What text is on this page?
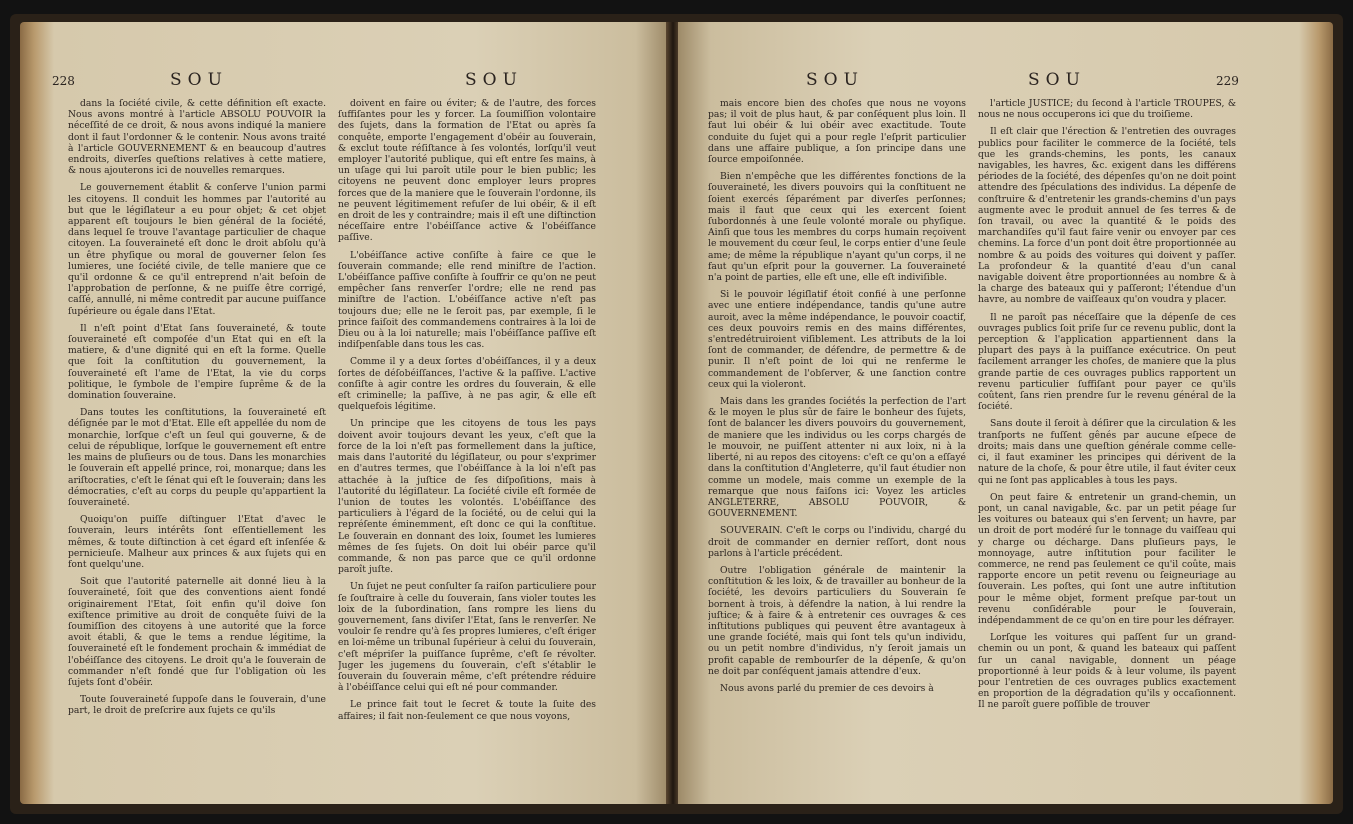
228	SOU	SOU

dans la ſociété civile, & cette définition eſt exacte. Nous avons montré à l'article ABSOLU POUVOIR la néceſſité de ce droit, & nous avons indiqué la maniere dont il faut l'ordonner & le contenir. Nous avons traité à l'article GOUVERNEMENT & en beaucoup d'autres endroits, diverſes queſtions relatives à cette matiere, & nous ajouterons ici de nouvelles remarques.

Le gouvernement établit & conſerve l'union parmi les citoyens. Il conduit les hommes par l'autorité au but que le légiſlateur a eu pour objet; & cet objet apparent eſt toujours le bien général de la ſociété, dans lequel ſe trouve l'avantage particulier de chaque citoyen. La ſouveraineté eſt donc le droit abſolu qu'à un être phyſique ou moral de gouverner ſelon ſes lumieres, une ſociété civile, de telle maniere que ce qu'il ordonne & ce qu'il entreprend n'ait beſoin de l'approbation de perſonne, & ne puiſſe être corrigé, caſſé, annullé, ni même contredit par aucune puiſſance ſupérieure ou égale dans l'Etat.

Il n'eſt point d'Etat ſans ſouveraineté, & toute ſouveraineté eſt compoſée d'un Etat qui en eſt la matiere, & d'une dignité qui en eſt la forme. Quelle que ſoit la conſtitution du gouvernement, la ſouveraineté eſt l'ame de l'Etat, la vie du corps politique, le ſymbole de l'empire ſuprême & de la domination ſouveraine.

Dans toutes les conſtitutions, la ſouveraineté eſt déſignée par le mot d'Etat. Elle eſt appellée du nom de monarchie, lorſque c'eſt un ſeul qui gouverne, & de celui de république, lorſque le gouvernement eſt entre les mains de pluſieurs ou de tous. Dans les monarchies le ſouverain eſt appellé prince, roi, monarque; dans les ariſtocraties, c'eſt le ſénat qui eſt le ſouverain; dans les démocraties, c'eſt au corps du peuple qu'appartient la ſouveraineté.

Quoiqu'on puiſſe diſtinguer l'Etat d'avec le ſouverain, leurs intérêts ſont eſſentiellement les mêmes, & toute diſtinction à cet égard eſt inſenſée & pernicieuſe. Malheur aux princes & aux ſujets qui en font quelqu'une.

Soit que l'autorité paternelle ait donné lieu à la ſouveraineté, ſoit que des conventions aient fondé originairement l'Etat, ſoit enfin qu'il doive ſon exiſtence primitive au droit de conquête ſuivi de la ſoumiſſion des citoyens à une autorité que la force avoit établi, & que le tems a rendue légitime, la ſouveraineté eſt le fondement prochain & immédiat de l'obéiſſance des citoyens. Le droit qu'a le ſouverain de commander n'eſt fondé que ſur l'obligation où les ſujets ſont d'obéir.

Toute ſouveraineté ſuppoſe dans le ſouverain, d'une part, le droit de preſcrire aux ſujets ce qu'ils

doivent en faire ou éviter; & de l'autre, des forces ſuffiſantes pour les y forcer. La ſoumiſſion volontaire des ſujets, dans la formation de l'Etat ou après ſa conquête, emporte l'engagement d'obéir au ſouverain, & exclut toute réſiſtance à ſes volontés, lorſqu'il veut employer l'autorité publique, qui eſt entre ſes mains, à un uſage qui lui paroît utile pour le bien public; les citoyens ne peuvent donc employer leurs propres forces que de la maniere que le ſouverain l'ordonne, ils ne peuvent légitimement refuſer de lui obéir, & il eſt en droit de les y contraindre; mais il eſt une diſtinction néceſſaire entre l'obéiſſance active & l'obéiſſance paſſive.

L'obéiſſance active conſiſte à faire ce que le ſouverain commande; elle rend miniſtre de l'action. L'obéiſſance paſſive conſiſte à ſouffrir ce qu'on ne peut empêcher ſans renverſer l'ordre; elle ne rend pas miniſtre de l'action. L'obéiſſance active n'eſt pas toujours due; elle ne le ſeroit pas, par exemple, ſi le prince faiſoit des commandemens contraires à la loi de Dieu ou à la loi naturelle; mais l'obéiſſance paſſive eſt indiſpenſable dans tous les cas.

Comme il y a deux ſortes d'obéiſſances, il y a deux ſortes de déſobéiſſances, l'active & la paſſive. L'active conſiſte à agir contre les ordres du ſouverain, & elle eſt criminelle; la paſſive, à ne pas agir, & elle eſt quelquefois légitime.

Un principe que les citoyens de tous les pays doivent avoir toujours devant les yeux, c'eſt que la force de la loi n'eſt pas formellement dans la juſtice, mais dans l'autorité du légiſlateur, ou pour s'exprimer en d'autres termes, que l'obéiſſance à la loi n'eſt pas attachée à la juſtice de ſes diſpoſitions, mais à l'autorité du légiſlateur. La ſociété civile eſt formée de l'union de toutes les volontés. L'obéiſſance des particuliers à l'égard de la ſociété, ou de celui qui la repréſente éminemment, eſt donc ce qui la conſtitue. Le ſouverain en donnant des loix, ſoumet les lumieres mêmes de ſes ſujets. On doit lui obéir parce qu'il commande, & non pas parce que ce qu'il ordonne paroît juſte.

Un ſujet ne peut conſulter ſa raiſon particuliere pour ſe ſouſtraire à celle du ſouverain, ſans violer toutes les loix de la ſubordination, ſans rompre les liens du gouvernement, ſans diviſer l'Etat, ſans le renverſer. Ne vouloir ſe rendre qu'à ſes propres lumieres, c'eſt ériger en loi-même un tribunal ſupérieur à celui du ſouverain, c'eſt mépriſer la puiſſance ſuprême, c'eſt ſe révolter. Juger les jugemens du ſouverain, c'eſt s'établir le ſouverain du ſouverain même, c'eſt prétendre réduire à l'obéiſſance celui qui eſt né pour commander.

Le prince fait tout le ſecret & toute la ſuite des affaires; il fait non-ſeulement ce que nous voyons,

SOU	SOU	229

mais encore bien des choſes que nous ne voyons pas; il voit de plus haut, & par conſéquent plus loin. Il faut lui obéir & lui obéir avec exactitude. Toute conduite du ſujet qui a pour regle l'eſprit particulier dans une affaire publique, a ſon principe dans une ſource empoiſonnée.

Bien n'empêche que les différentes fonctions de la ſouveraineté, les divers pouvoirs qui la conſtituent ne ſoient exercés ſéparément par diverſes perſonnes; mais il faut que ceux qui les exercent ſoient ſubordonnés à une ſeule volonté morale ou phyſique. Ainſi que tous les membres du corps humain reçoivent le mouvement du cœur ſeul, le corps entier d'une ſeule ame; de même la république n'ayant qu'un corps, il ne faut qu'un eſprit pour la gouverner. La ſouveraineté n'a point de parties, elle eſt une, elle eſt indiviſible.

Si le pouvoir légiſlatif étoit confié à une perſonne avec une entiere indépendance, tandis qu'une autre auroit, avec la même indépendance, le pouvoir coactif, ces deux pouvoirs remis en des mains différentes, s'entredétruiroient viſiblement. Les attributs de la loi ſont de commander, de défendre, de permettre & de punir. Il n'eſt point de loi qui ne renferme le commandement de l'obſerver, & une ſanction contre ceux qui la violeront.

Mais dans les grandes ſociétés la perfection de l'art & le moyen le plus sûr de faire le bonheur des ſujets, ſont de balancer les divers pouvoirs du gouvernement, de maniere que les individus ou les corps chargés de le mouvoir, ne puiſſent attenter ni aux loix, ni à la liberté, ni au repos des citoyens: c'eſt ce qu'on a eſſayé dans la conſtitution d'Angleterre, qu'il faut étudier non comme un modele, mais comme un exemple de la remarque que nous faiſons ici: Voyez les articles ANGLETERRE, ABSOLU POUVOIR, & GOUVERNEMENT.

SOUVERAIN. C'eſt le corps ou l'individu, chargé du droit de commander en dernier reſſort, dont nous parlons à l'article précédent.

Outre l'obligation générale de maintenir la conſtitution & les loix, & de travailler au bonheur de la ſociété, les devoirs particuliers du Souverain ſe bornent à trois, à défendre la nation, à lui rendre la juſtice; & à faire & à entretenir ces ouvrages & ces inſtitutions publiques qui peuvent être avantageux à une grande ſociété, mais qui ſont tels qu'un individu, ou un petit nombre d'individus, n'y ſeroit jamais un profit capable de rembourſer de la dépenſe, & qu'on ne doit par conſéquent jamais attendre d'eux.

Nous avons parlé du premier de ces devoirs à

l'article JUSTICE; du ſecond à l'article TROUPES, & nous ne nous occuperons ici que du troiſieme.

Il eſt clair que l'érection & l'entretien des ouvrages publics pour faciliter le commerce de la ſociété, tels que les grands-chemins, les ponts, les canaux navigables, les havres, &c. exigent dans les différens périodes de la ſociété, des dépenſes qu'on ne doit point attendre des ſpéculations des individus. La dépenſe de conſtruire & d'entretenir les grands-chemins d'un pays augmente avec le produit annuel de ſes terres & de ſon travail, ou avec la quantité & le poids des marchandiſes qu'il faut faire venir ou envoyer par ces chemins. La force d'un pont doit être proportionnée au nombre & au poids des voitures qui doivent y paſſer. La profondeur & la quantité d'eau d'un canal navigable doivent être proportionnées au nombre & à la charge des bateaux qui y paſſeront; l'étendue d'un havre, au nombre de vaiſſeaux qu'on voudra y placer.

Il ne paroît pas néceſſaire que la dépenſe de ces ouvrages publics ſoit priſe ſur ce revenu public, dont la perception & l'application appartiennent dans la plupart des pays à la puiſſance exécutrice. On peut facilement arranger les choſes, de maniere que la plus grande partie de ces ouvrages publics rapportent un revenu particulier ſuffiſant pour payer ce qu'ils coûtent, ſans rien prendre ſur le revenu général de la ſociété.

Sans doute il ſeroit à déſirer que la circulation & les tranſports ne fuſſent gênés par aucune eſpece de droits; mais dans une queſtion générale comme celle-ci, il faut examiner les principes qui dérivent de la nature de la choſe, & pour être utile, il faut éviter ceux qui ne ſont pas applicables à tous les pays.

On peut faire & entretenir un grand-chemin, un pont, un canal navigable, &c. par un petit péage ſur les voitures ou bateaux qui s'en ſervent; un havre, par un droit de port modéré ſur le tonnage du vaiſſeau qui y charge ou décharge. Dans pluſieurs pays, le monnoyage, autre inſtitution pour faciliter le commerce, ne rend pas ſeulement ce qu'il coûte, mais rapporte encore un petit revenu ou ſeigneuriage au ſouverain. Les poſtes, qui ſont une autre inſtitution pour le même objet, forment preſque par-tout un revenu conſidérable pour le ſouverain, indépendamment de ce qu'on en tire pour les défrayer.

Lorſque les voitures qui paſſent ſur un grand-chemin ou un pont, & quand les bateaux qui paſſent ſur un canal navigable, donnent un péage proportionné à leur poids & à leur volume, ils payent pour l'entretien de ces ouvrages publics exactement en proportion de la dégradation qu'ils y occaſionnent. Il ne paroît guere poſſible de trouver
